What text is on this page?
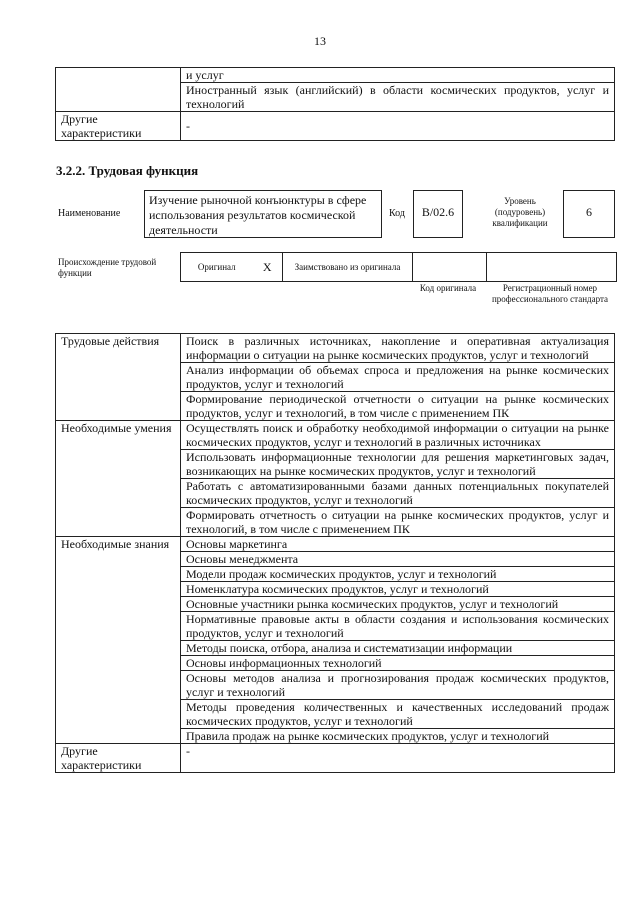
13
	и услуг
	Иностранный язык (английский) в области космических продуктов, услуг и технологий
Другие характеристики	-
3.2.2. Трудовая функция
Наименование
Изучение рыночной конъюнктуры в сфере использования результатов космической деятельности
Код	B/02.6
Уровень (подуровень) квалификации
6
Происхождение трудовой функции
Оригинал	X	Заимствовано из оригинала		
Код оригинала	Регистрационный номер профессионального стандарта
Трудовые действия	Поиск в различных источниках, накопление и оперативная актуализация информации о ситуации на рынке космических продуктов, услуг и технологий
	Анализ информации об объемах спроса и предложения на рынке космических продуктов, услуг и технологий
	Формирование периодической отчетности о ситуации на рынке космических продуктов, услуг и технологий, в том числе с применением ПК
Необходимые умения	Осуществлять поиск и обработку необходимой информации о ситуации на рынке космических продуктов, услуг и технологий в различных источниках
	Использовать информационные технологии для решения маркетинговых задач, возникающих на рынке космических продуктов, услуг и технологий
	Работать с автоматизированными базами данных потенциальных покупателей космических продуктов, услуг и технологий
	Формировать отчетность о ситуации на рынке космических продуктов, услуг и технологий, в том числе с применением ПК
Необходимые знания	Основы маркетинга
	Основы менеджмента
	Модели продаж космических продуктов, услуг и технологий
	Номенклатура космических продуктов, услуг и технологий
	Основные участники рынка космических продуктов, услуг и технологий
	Нормативные правовые акты в области создания и использования космических продуктов, услуг и технологий
	Методы поиска, отбора, анализа и систематизации информации
	Основы информационных технологий
	Основы методов анализа и прогнозирования продаж космических продуктов, услуг и технологий
	Методы проведения количественных и качественных исследований продаж космических продуктов, услуг и технологий
	Правила продаж на рынке космических продуктов, услуг и технологий
Другие характеристики	-
